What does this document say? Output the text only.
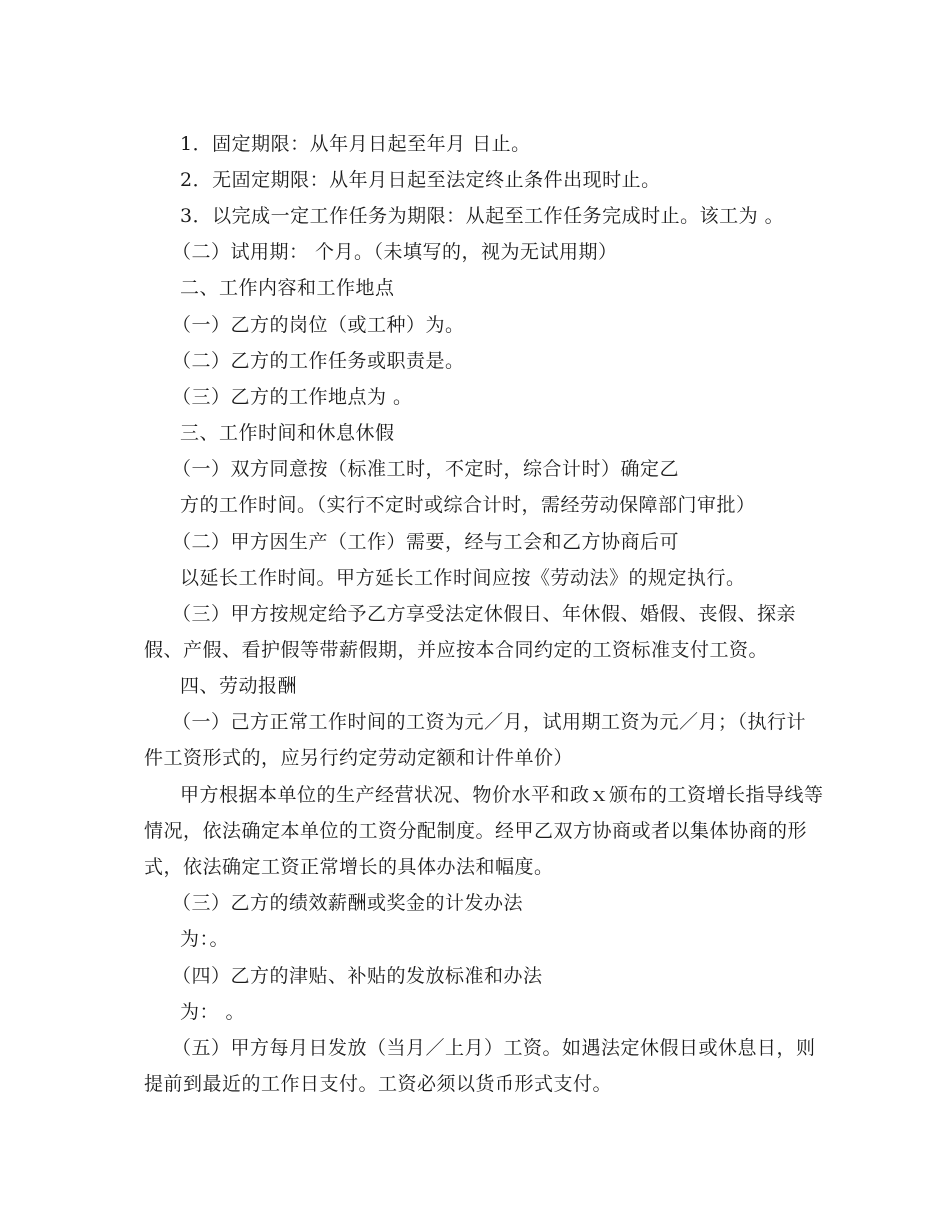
1．固定期限：从年月日起至年月 日止。

2．无固定期限：从年月日起至法定终止条件出现时止。

3．以完成一定工作任务为期限：从起至工作任务完成时止。该工为 。

（二）试用期： 个月。（未填写的，视为无试用期）

二、工作内容和工作地点

（一）乙方的岗位（或工种）为。

（二）乙方的工作任务或职责是。

（三）乙方的工作地点为 。

三、工作时间和休息休假

（一）双方同意按（标准工时，不定时，综合计时）确定乙

方的工作时间。（实行不定时或综合计时，需经劳动保障部门审批）

（二）甲方因生产（工作）需要，经与工会和乙方协商后可

以延长工作时间。甲方延长工作时间应按《劳动法》的规定执行。

（三）甲方按规定给予乙方享受法定休假日、年休假、婚假、丧假、探亲

假、产假、看护假等带薪假期，并应按本合同约定的工资标准支付工资。

四、劳动报酬

（一）己方正常工作时间的工资为元／月，试用期工资为元／月；（执行计

件工资形式的，应另行约定劳动定额和计件单价）

甲方根据本单位的生产经营状况、物价水平和政ｘ颁布的工资增长指导线等

情况，依法确定本单位的工资分配制度。经甲乙双方协商或者以集体协商的形

式，依法确定工资正常增长的具体办法和幅度。

（三）乙方的绩效薪酬或奖金的计发办法

为：。

（四）乙方的津贴、补贴的发放标准和办法

为： 。

（五）甲方每月日发放（当月／上月）工资。如遇法定休假日或休息日，则

提前到最近的工作日支付。工资必须以货币形式支付。
